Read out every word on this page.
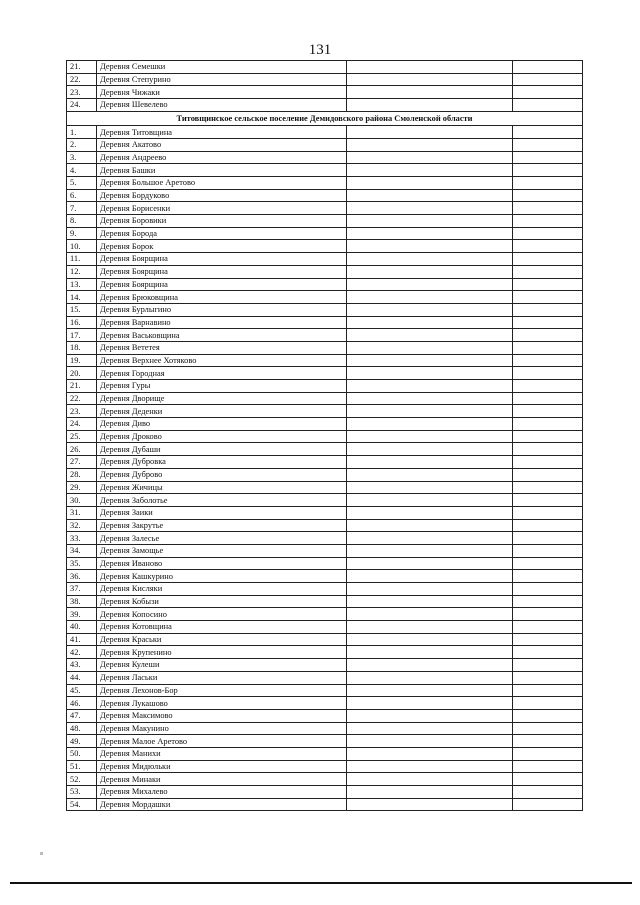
131
21.	Деревня Семешки		
22.	Деревня Степурино		
23.	Деревня Чижаки		
24.	Деревня Шевелево		
Титовщинское сельское поселение Демидовского района Смоленской области			
1.	Деревня Титовщина		
2.	Деревня Акатово		
3.	Деревня Андреево		
4.	Деревня Башки		
5.	Деревня Большое Аретово		
6.	Деревня Бордуково		
7.	Деревня Борисенки		
8.	Деревня Боровики		
9.	Деревня Борода		
10.	Деревня Борок		
11.	Деревня Боярщина		
12.	Деревня Боярщина		
13.	Деревня Боярщина		
14.	Деревня Брюковщина		
15.	Деревня Бурлыгино		
16.	Деревня Варнавино		
17.	Деревня Васьковщина		
18.	Деревня Вететея		
19.	Деревня Верхнее Хотяково		
20.	Деревня Городная		
21.	Деревня Гуры		
22.	Деревня Дворище		
23.	Деревня Деденки		
24.	Деревня Диво		
25.	Деревня Дроково		
26.	Деревня Дубаши		
27.	Деревня Дубровка		
28.	Деревня Дуброво		
29.	Деревня Жичицы		
30.	Деревня Заболотье		
31.	Деревня Заики		
32.	Деревня Закрутье		
33.	Деревня Залесье		
34.	Деревня Замощье		
35.	Деревня Иваново		
36.	Деревня Кашкурино		
37.	Деревня Кисляки		
38.	Деревня Кобызи		
39.	Деревня Копосино		
40.	Деревня Котовщина		
41.	Деревня Краськи		
42.	Деревня Крупенино		
43.	Деревня Кулеши		
44.	Деревня Ласьки		
45.	Деревня Лехонов-Бор		
46.	Деревня Лукашово		
47.	Деревня Максимово		
48.	Деревня Макунино		
49.	Деревня Малое Аретово		
50.	Деревня Манихи		
51.	Деревня Мидюльки		
52.	Деревня Минаки		
53.	Деревня Михалево		
54.	Деревня Мордашки		
